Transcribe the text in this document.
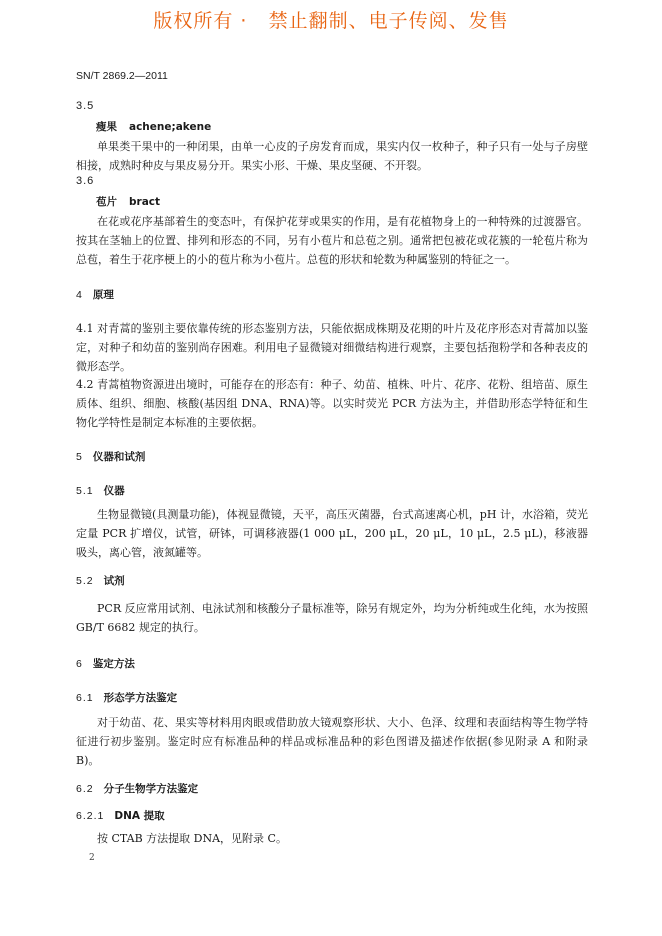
版权所有 ·   禁止翻制、电子传阅、发售
SN/T 2869.2—2011
3.5
瘦果 achene;akene
单果类干果中的一种闭果，由单一心皮的子房发育而成，果实内仅一枚种子，种子只有一处与子房壁相接，成熟时种皮与果皮易分开。果实小形、干燥、果皮坚硬、不开裂。
3.6
苞片 bract
在花或花序基部着生的变态叶，有保护花芽或果实的作用，是有花植物身上的一种特殊的过渡器官。按其在茎轴上的位置、排列和形态的不同，另有小苞片和总苞之别。通常把包被花或花簇的一轮苞片称为总苞，着生于花序梗上的小的苞片称为小苞片。总苞的形状和轮数为种属鉴别的特征之一。
4 原理
4.1 对青蒿的鉴别主要依靠传统的形态鉴别方法，只能依据成株期及花期的叶片及花序形态对青蒿加以鉴定，对种子和幼苗的鉴别尚存困难。利用电子显微镜对细微结构进行观察，主要包括孢粉学和各种表皮的微形态学。
4.2 青蒿植物资源进出境时，可能存在的形态有：种子、幼苗、植株、叶片、花序、花粉、组培苗、原生质体、组织、细胞、核酸(基因组 DNA、RNA)等。以实时荧光 PCR 方法为主，并借助形态学特征和生物化学特性是制定本标准的主要依据。
5 仪器和试剂
5.1 仪器
生物显微镜(具测量功能)，体视显微镜，天平，高压灭菌器，台式高速离心机，pH 计，水浴箱，荧光定量 PCR 扩增仪，试管，研钵，可调移液器(1 000 μL，200 μL，20 μL，10 μL，2.5 μL)，移液器吸头，离心管，液氮罐等。
5.2 试剂
PCR 反应常用试剂、电泳试剂和核酸分子量标准等，除另有规定外，均为分析纯或生化纯，水为按照 GB/T 6682 规定的执行。
6 鉴定方法
6.1 形态学方法鉴定
对于幼苗、花、果实等材料用肉眼或借助放大镜观察形状、大小、色泽、纹理和表面结构等生物学特征进行初步鉴别。鉴定时应有标准品种的样品或标准品种的彩色图谱及描述作依据(参见附录 A 和附录 B)。
6.2 分子生物学方法鉴定
6.2.1 DNA 提取
按 CTAB 方法提取 DNA，见附录 C。
2
